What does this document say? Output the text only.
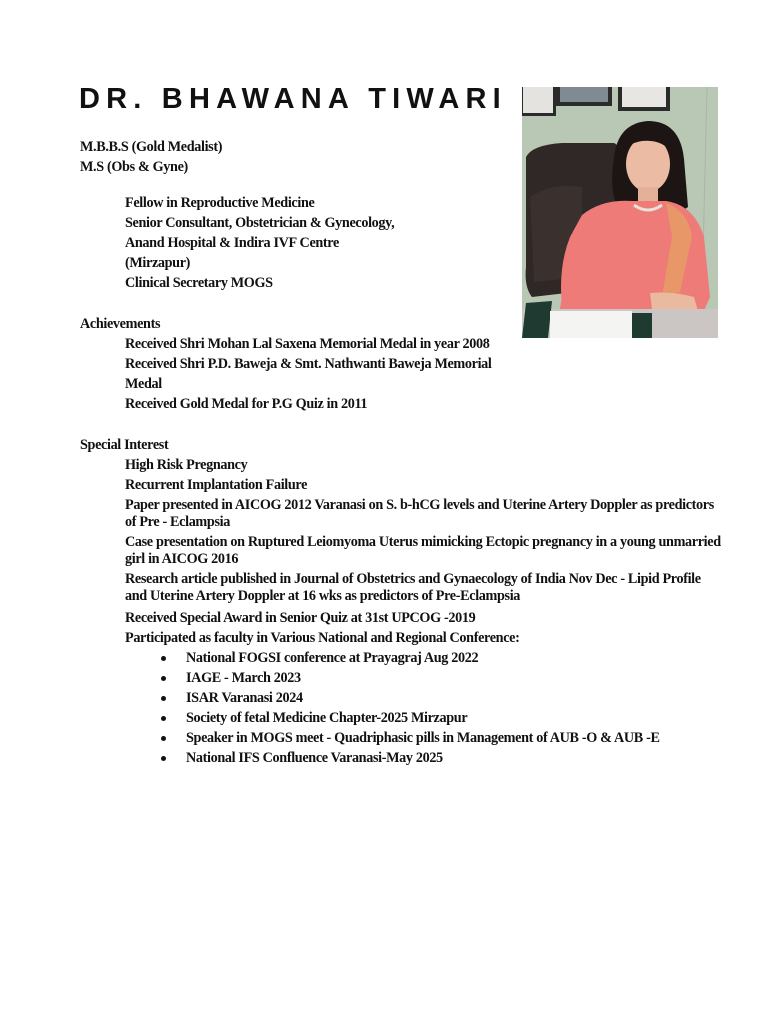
DR. BHAWANA TIWARI
M.B.B.S (Gold Medalist)
M.S (Obs & Gyne)
Fellow in Reproductive Medicine
Senior Consultant, Obstetrician & Gynecology,
Anand Hospital & Indira IVF Centre
(Mirzapur)
Clinical Secretary MOGS
Achievements
Received Shri Mohan Lal Saxena Memorial Medal in year 2008
Received Shri P.D. Baweja & Smt. Nathwanti Baweja Memorial
Medal
Received Gold Medal for P.G Quiz in 2011
Special Interest
High Risk Pregnancy
Recurrent Implantation Failure
Paper presented in AICOG 2012 Varanasi on S. b-hCG levels and Uterine Artery Doppler as predictors of Pre - Eclampsia
Case presentation on Ruptured Leiomyoma Uterus mimicking Ectopic pregnancy in a young unmarried girl in AICOG 2016
Research article published in Journal of Obstetrics and Gynaecology of India Nov Dec - Lipid Profile and Uterine Artery Doppler at 16 wks as predictors of Pre-Eclampsia
Received Special Award in Senior Quiz at 31st UPCOG -2019
Participated as faculty in Various National and Regional Conference:
National FOGSI conference at Prayagraj Aug 2022
IAGE - March 2023
ISAR Varanasi 2024
Society of fetal Medicine Chapter-2025 Mirzapur
Speaker in MOGS meet - Quadriphasic pills in Management of AUB -O & AUB -E
National IFS Confluence Varanasi-May 2025
